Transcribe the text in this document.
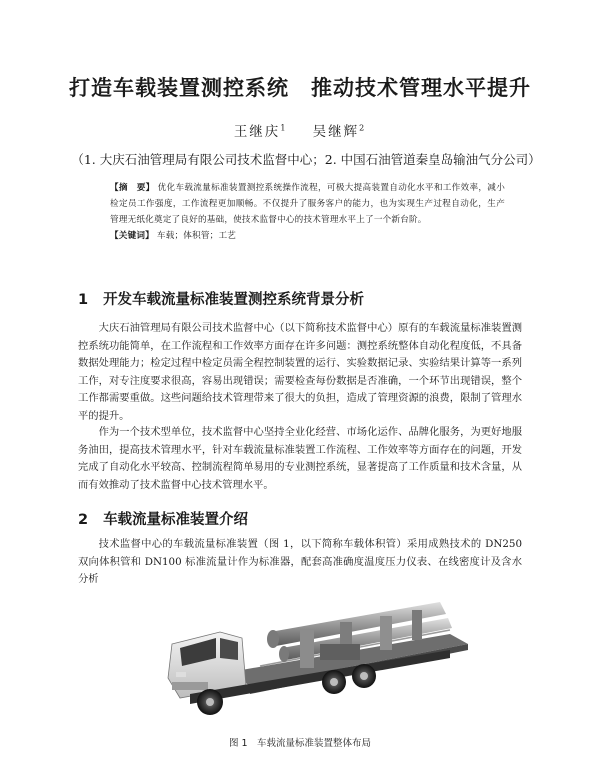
打造车载装置测控系统　推动技术管理水平提升
王继庆$^1$ 吴继辉$^2$
（1. 大庆石油管理局有限公司技术监督中心；2. 中国石油管道秦皇岛输油气分公司）
【摘　要】 优化车载流量标准装置测控系统操作流程，可极大提高装置自动化水平和工作效率，减小检定员工作强度，工作流程更加顺畅。不仅提升了服务客户的能力，也为实现生产过程自动化，生产管理无纸化奠定了良好的基础，使技术监督中心的技术管理水平上了一个新台阶。
【关键词】 车载；体积管；工艺
1 开发车载流量标准装置测控系统背景分析
大庆石油管理局有限公司技术监督中心（以下简称技术监督中心）原有的车载流量标准装置测控系统功能简单，在工作流程和工作效率方面存在许多问题：测控系统整体自动化程度低，不具备数据处理能力；检定过程中检定员需全程控制装置的运行、实验数据记录、实验结果计算等一系列工作，对专注度要求很高，容易出现错误；需要检查每份数据是否准确，一个环节出现错误，整个工作都需要重做。这些问题给技术管理带来了很大的负担，造成了管理资源的浪费，限制了管理水平的提升。
作为一个技术型单位，技术监督中心坚持全业化经营、市场化运作、品牌化服务，为更好地服务油田，提高技术管理水平，针对车载流量标准装置工作流程、工作效率等方面存在的问题，开发完成了自动化水平较高、控制流程简单易用的专业测控系统，显著提高了工作质量和技术含量，从而有效推动了技术监督中心技术管理水平。
2 车载流量标准装置介绍
技术监督中心的车载流量标准装置（图 1，以下简称车载体积管）采用成熟技术的 DN250 双向体积管和 DN100 标准流量计作为标准器，配套高准确度温度压力仪表、在线密度计及含水分析
图 1　车载流量标准装置整体布局
